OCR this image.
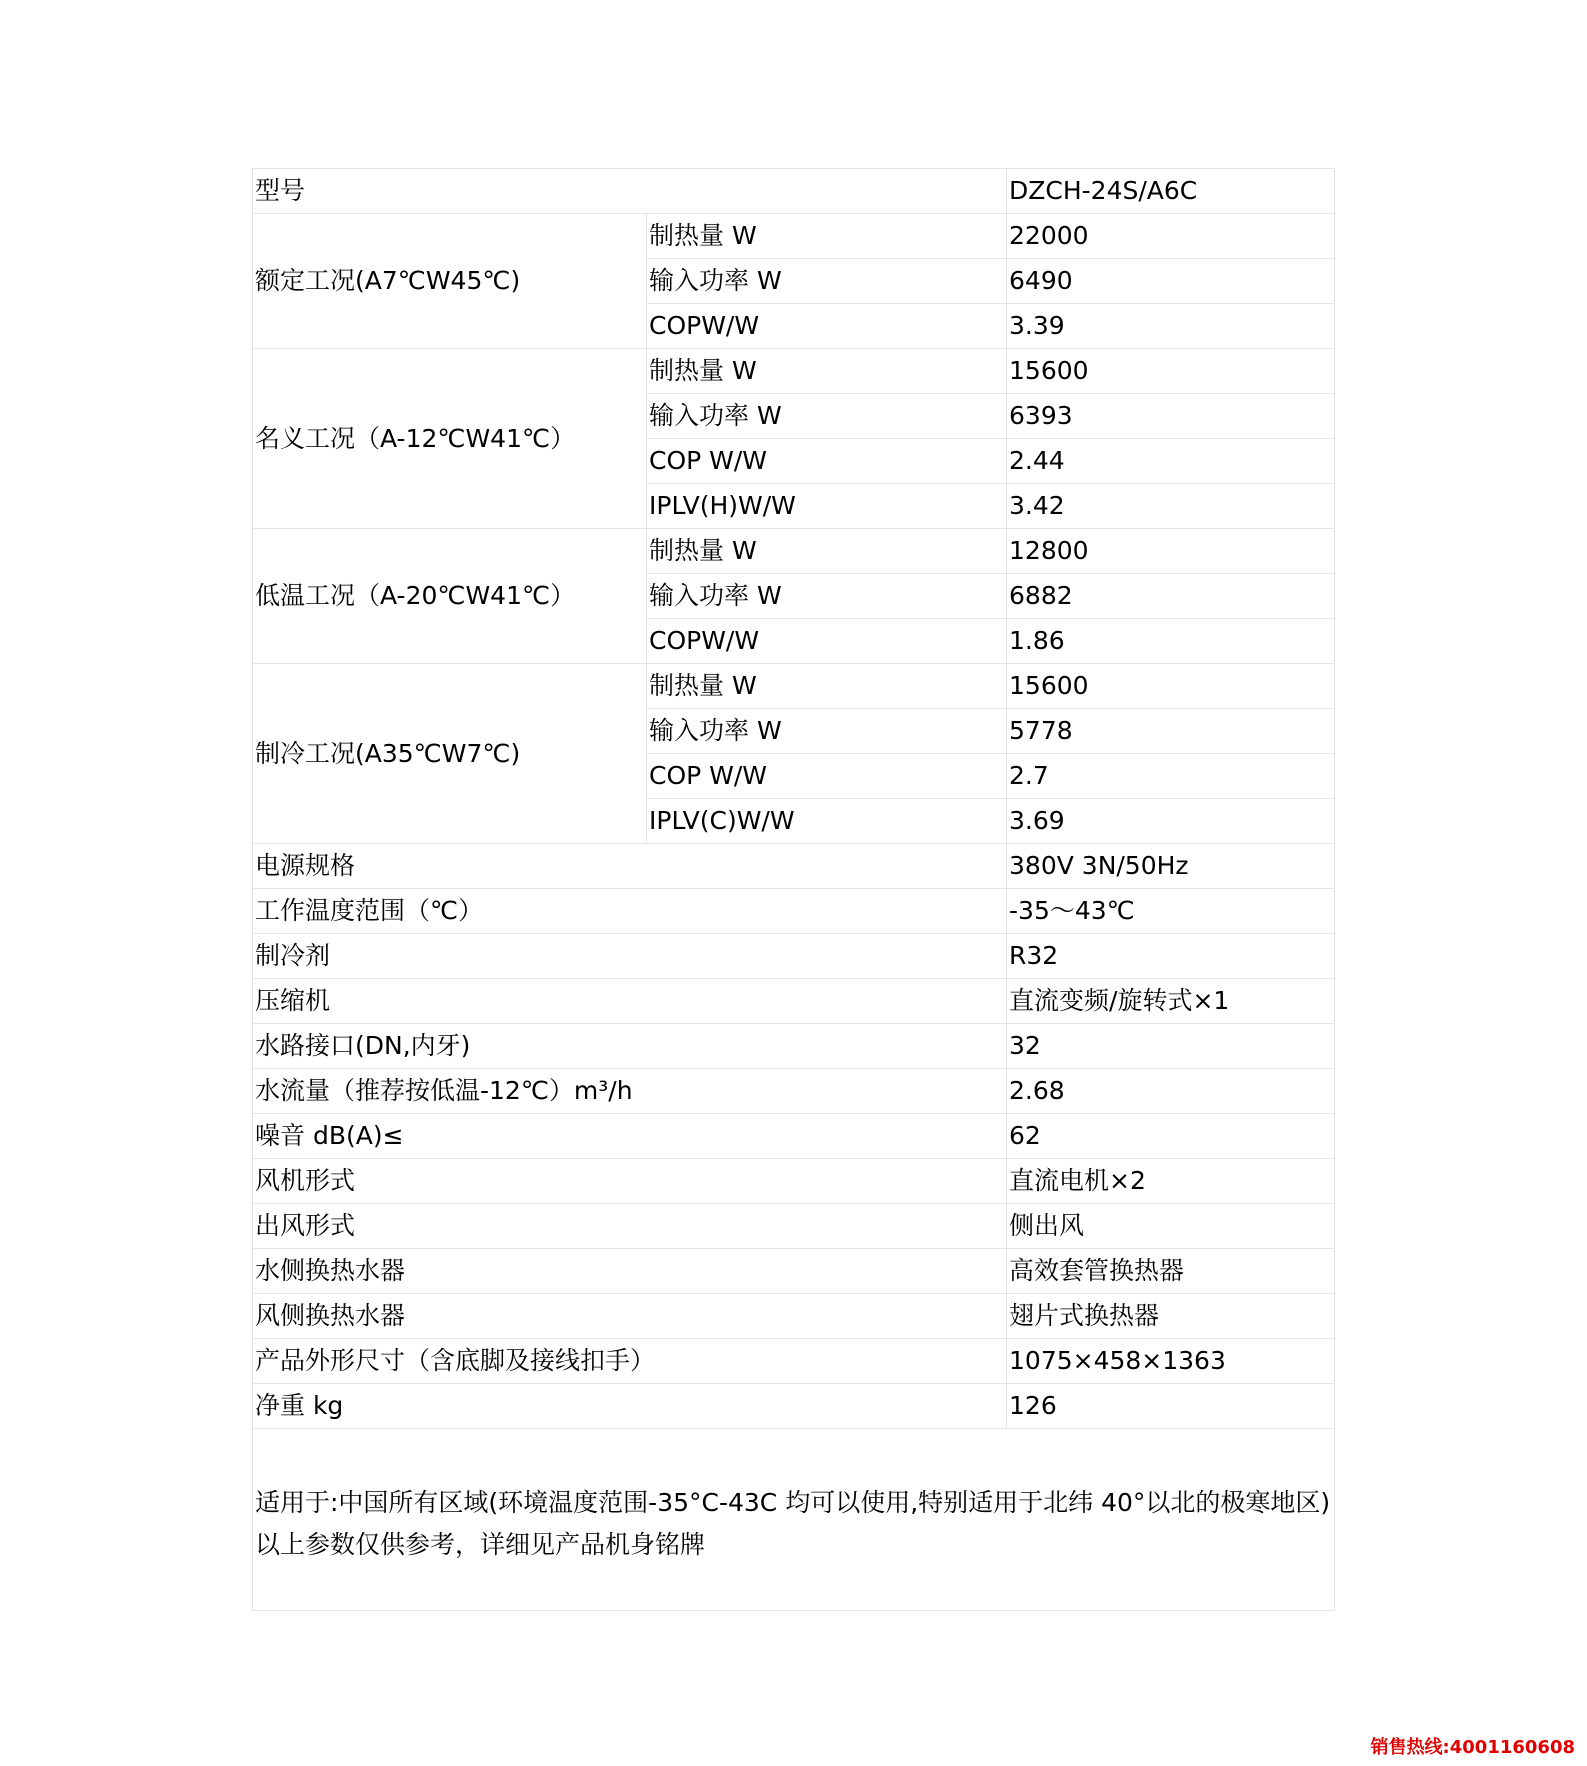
型号		DZCH-24S/A6C
额定工况(A7℃W45℃)	制热量 W	22000
	输入功率 W	6490
	COPW/W	3.39
名义工况（A-12℃W41℃）	制热量 W	15600
	输入功率 W	6393
	COP W/W	2.44
	IPLV(H)W/W	3.42
低温工况（A-20℃W41℃）	制热量 W	12800
	输入功率 W	6882
	COPW/W	1.86
制冷工况(A35℃W7℃)	制热量 W	15600
	输入功率 W	5778
	COP W/W	2.7
	IPLV(C)W/W	3.69
电源规格		380V 3N/50Hz
工作温度范围（℃）		-35～43℃
制冷剂		R32
压缩机		直流变频/旋转式×1
水路接口(DN,内牙)		32
水流量（推荐按低温-12℃）m³/h		2.68
噪音 dB(A)≤		62
风机形式		直流电机×2
出风形式		侧出风
水侧换热水器		高效套管换热器
风侧换热水器		翅片式换热器
产品外形尺寸（含底脚及接线扣手）		1075×458×1363
净重 kg		126
适用于:中国所有区域(环境温度范围-35°C-43C 均可以使用,特别适用于北纬 40°以北的极寒地区)以上参数仅供参考，详细见产品机身铭牌		
销售热线:4001160608
